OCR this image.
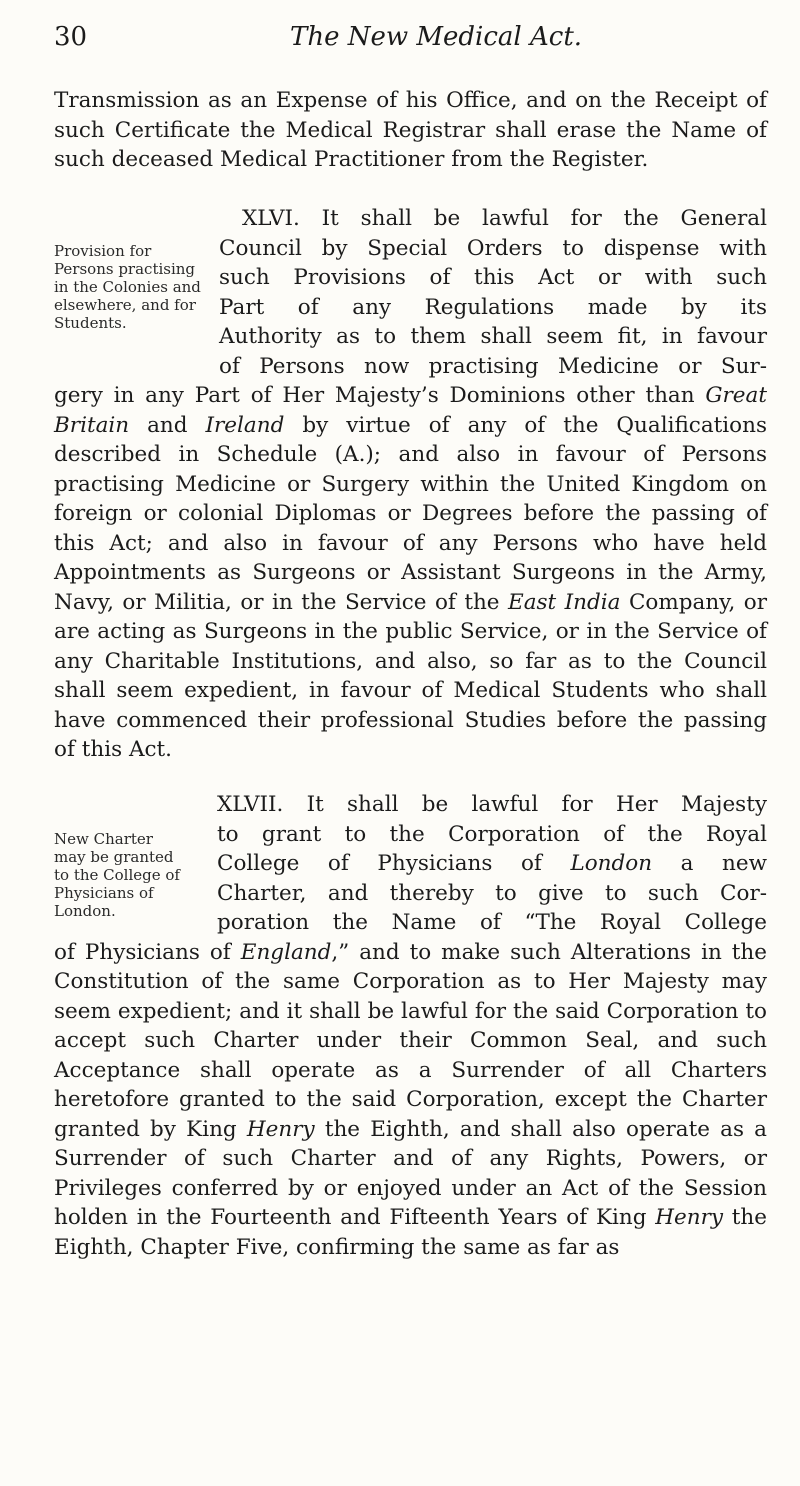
30	The New Medical Act.
Transmission as an Expense of his Office, and on the Receipt of such Certificate the Medical Registrar shall erase the Name of such deceased Medical Practitioner from the Register.
Provision for Persons practising in the Colonies and elsewhere, and for Students.
XLVI. It shall be lawful for the General
Council by Special Orders to dispense with
such Provisions of this Act or with such
Part of any Regulations made by its
Authority as to them shall seem fit, in favour
of Persons now practising Medicine or Sur-
gery in any Part of Her Majesty’s Dominions other than Great Britain and Ireland by virtue of any of the Qualifications described in Schedule (A.); and also in favour of Persons practising Medicine or Surgery within the United Kingdom on foreign or colonial Diplomas or Degrees before the passing of this Act; and also in favour of any Persons who have held Appointments as Surgeons or Assistant Surgeons in the Army, Navy, or Militia, or in the Service of the East India Company, or are acting as Surgeons in the public Service, or in the Service of any Charitable Institutions, and also, so far as to the Council shall seem expedient, in favour of Medical Students who shall have commenced their professional Studies before the passing of this Act.
New Charter may be granted to the College of Physicians of London.
XLVII. It shall be lawful for Her Majesty
to grant to the Corporation of the Royal
College of Physicians of London a new
Charter, and thereby to give to such Cor-
poration the Name of “The Royal College
of Physicians of England,” and to make such Alterations in the Constitution of the same Corporation as to Her Majesty may seem expedient; and it shall be lawful for the said Corporation to accept such Charter under their Common Seal, and such Acceptance shall operate as a Surrender of all Charters heretofore granted to the said Corporation, except the Charter granted by King Henry the Eighth, and shall also operate as a Surrender of such Charter and of any Rights, Powers, or Privileges conferred by or enjoyed under an Act of the Session holden in the Fourteenth and Fifteenth Years of King Henry the Eighth, Chapter Five, confirming the same as far as
